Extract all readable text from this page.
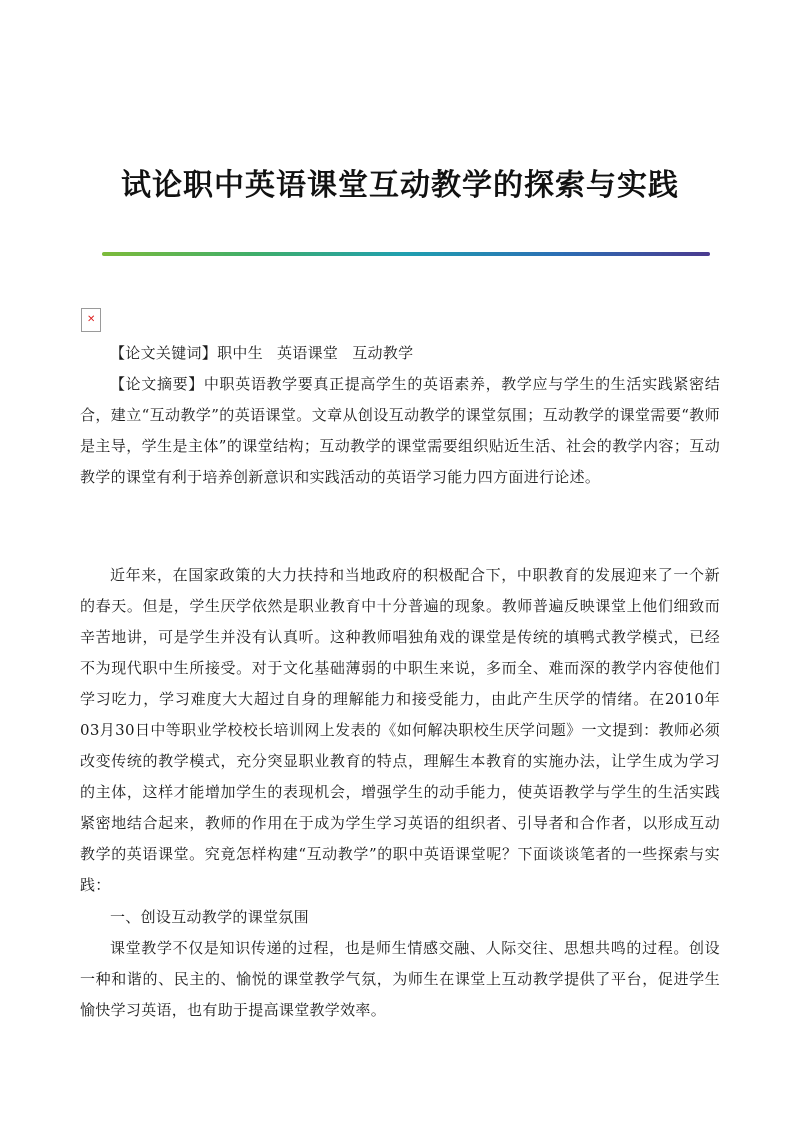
试论职中英语课堂互动教学的探索与实践
✕
【论文关键词】职中生 英语课堂 互动教学
【论文摘要】中职英语教学要真正提高学生的英语素养，教学应与学生的生活实践紧密结合，建立“互动教学”的英语课堂。文章从创设互动教学的课堂氛围；互动教学的课堂需要“教师是主导，学生是主体”的课堂结构；互动教学的课堂需要组织贴近生活、社会的教学内容；互动教学的课堂有利于培养创新意识和实践活动的英语学习能力四方面进行论述。
近年来，在国家政策的大力扶持和当地政府的积极配合下，中职教育的发展迎来了一个新的春天。但是，学生厌学依然是职业教育中十分普遍的现象。教师普遍反映课堂上他们细致而辛苦地讲，可是学生并没有认真听。这种教师唱独角戏的课堂是传统的填鸭式教学模式，已经不为现代职中生所接受。对于文化基础薄弱的中职生来说，多而全、难而深的教学内容使他们学习吃力，学习难度大大超过自身的理解能力和接受能力，由此产生厌学的情绪。在2010年03月30日中等职业学校校长培训网上发表的《如何解决职校生厌学问题》一文提到：教师必须改变传统的教学模式，充分突显职业教育的特点，理解生本教育的实施办法，让学生成为学习的主体，这样才能增加学生的表现机会，增强学生的动手能力，使英语教学与学生的生活实践紧密地结合起来，教师的作用在于成为学生学习英语的组织者、引导者和合作者，以形成互动教学的英语课堂。究竟怎样构建“互动教学”的职中英语课堂呢？下面谈谈笔者的一些探索与实践：
一、创设互动教学的课堂氛围
课堂教学不仅是知识传递的过程，也是师生情感交融、人际交往、思想共鸣的过程。创设一种和谐的、民主的、愉悦的课堂教学气氛，为师生在课堂上互动教学提供了平台，促进学生愉快学习英语，也有助于提高课堂教学效率。
